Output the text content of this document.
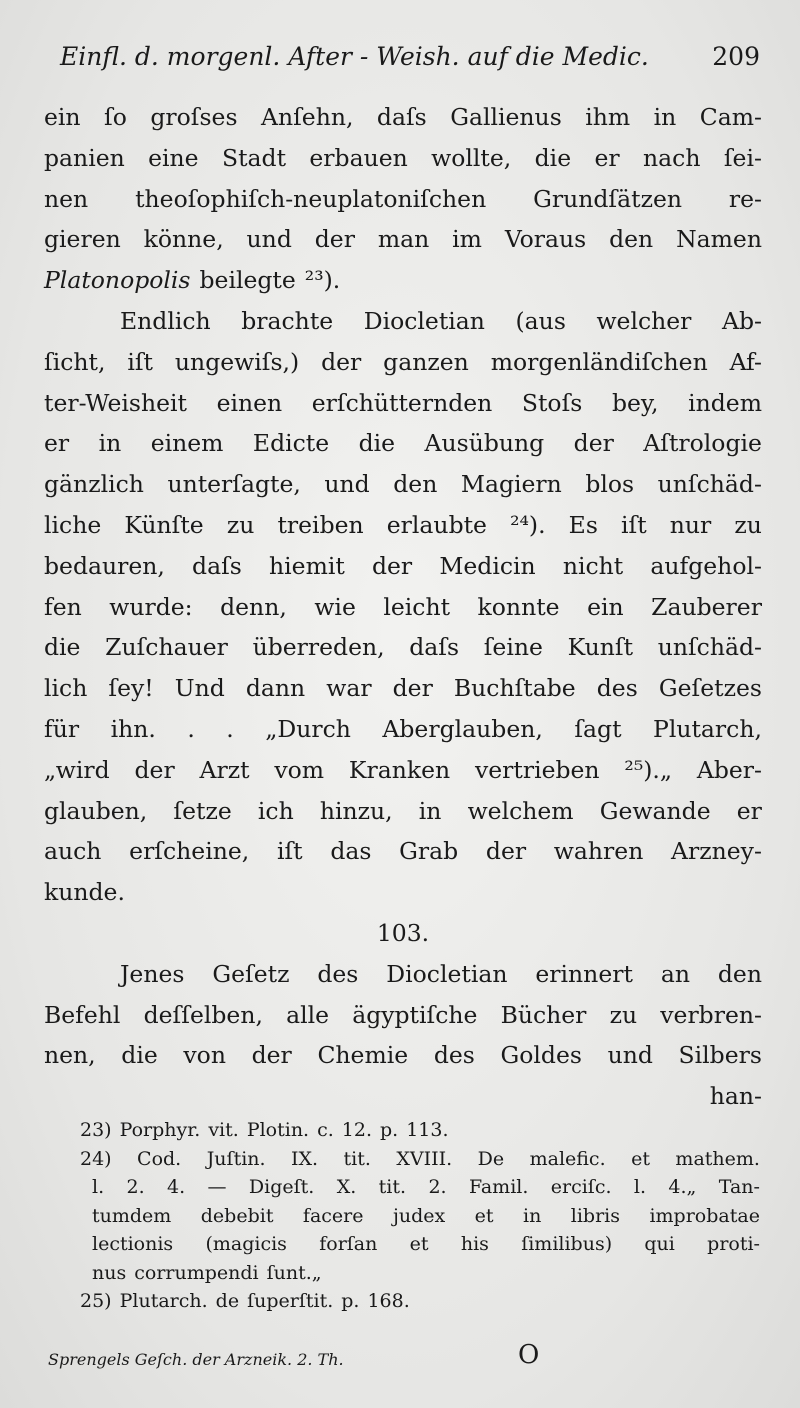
Einfl. d. morgenl. After - Weish. auf die Medic.	209
ein ſo groſses Anſehn, daſs Gallienus ihm in Cam-
panien eine Stadt erbauen wollte, die er nach ſei-
nen theoſophiſch-neuplatoniſchen Grundſätzen re-
gieren könne, und der man im Voraus den Namen
Platonopolis beilegte ²³).
Endlich brachte Diocletian (aus welcher Ab-
ſicht, iſt ungewiſs,) der ganzen morgenländiſchen Af-
ter-Weisheit einen erſchütternden Stoſs bey, indem
er in einem Edicte die Ausübung der Aſtrologie
gänzlich unterſagte, und den Magiern blos unſchäd-
liche Künſte zu treiben erlaubte ²⁴). Es iſt nur zu
bedauren, daſs hiemit der Medicin nicht aufgehol-
fen wurde: denn, wie leicht konnte ein Zauberer
die Zuſchauer überreden, daſs ſeine Kunſt unſchäd-
lich ſey! Und dann war der Buchſtabe des Geſetzes
für ihn. . . „Durch Aberglauben, ſagt Plutarch,
„wird der Arzt vom Kranken vertrieben ²⁵).„ Aber-
glauben, ſetze ich hinzu, in welchem Gewande er
auch erſcheine, iſt das Grab der wahren Arzney-
kunde.
103.
Jenes Geſetz des Diocletian erinnert an den
Befehl deſſelben, alle ägyptiſche Bücher zu verbren-
nen, die von der Chemie des Goldes und Silbers
han-
23) Porphyr. vit. Plotin. c. 12. p. 113.
24) Cod. Juſtin. IX. tit. XVIII. De malefic. et mathem.
l. 2. 4. — Digeſt. X. tit. 2. Famil. erciſc. l. 4.„ Tan-
tumdem debebit facere judex et in libris improbatae
lectionis (magicis forſan et his ſimilibus) qui proti-
nus corrumpendi ſunt.„
25) Plutarch. de ſuperſtit. p. 168.
Sprengels Geſch. der Arzneik. 2. Th.	O
